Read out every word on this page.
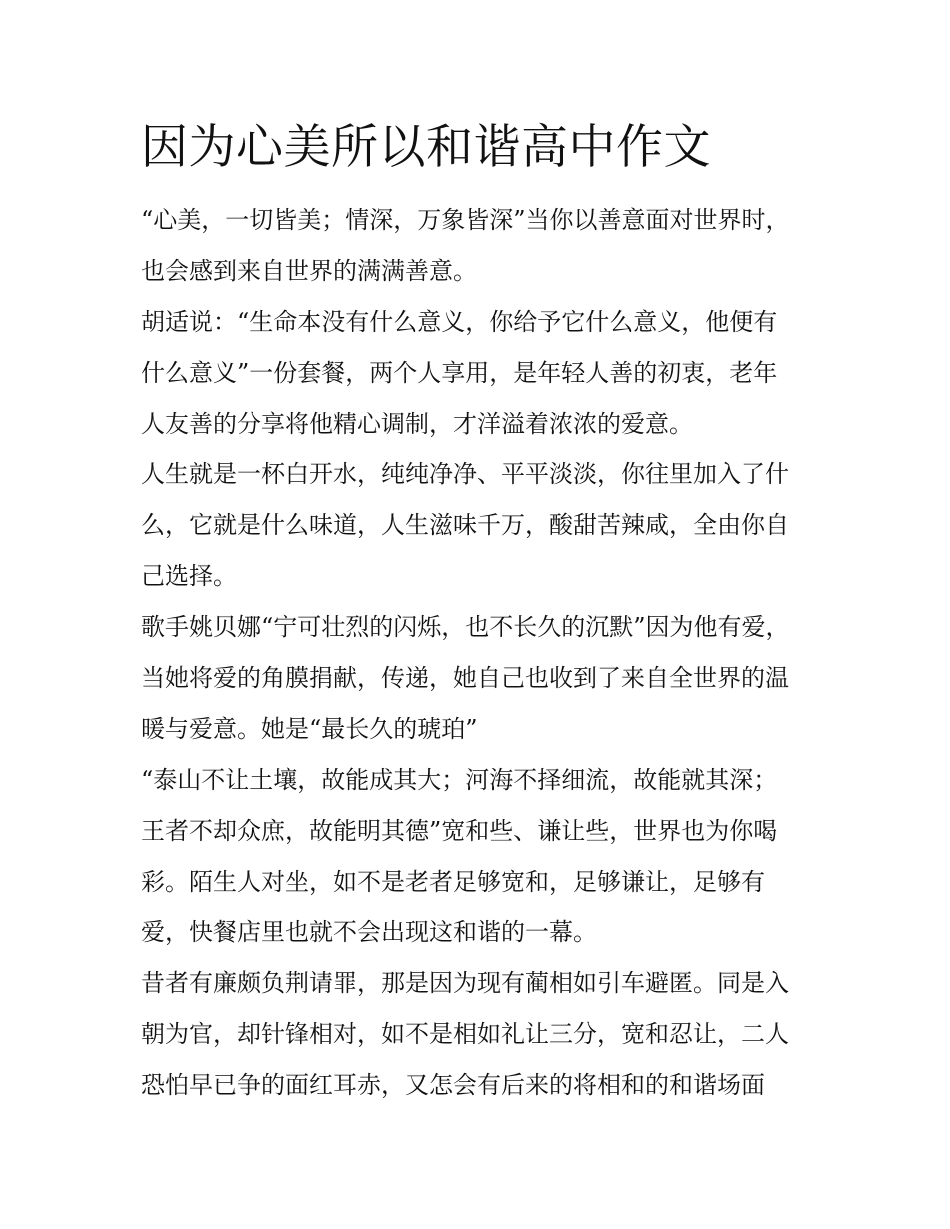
因为心美所以和谐高中作文
“心美，一切皆美；情深，万象皆深”当你以善意面对世界时，
也会感到来自世界的满满善意。
胡适说：“生命本没有什么意义，你给予它什么意义，他便有
什么意义”一份套餐，两个人享用，是年轻人善的初衷，老年
人友善的分享将他精心调制，才洋溢着浓浓的爱意。
人生就是一杯白开水，纯纯净净、平平淡淡，你往里加入了什
么，它就是什么味道，人生滋味千万，酸甜苦辣咸，全由你自
己选择。
歌手姚贝娜“宁可壮烈的闪烁，也不长久的沉默”因为他有爱，
当她将爱的角膜捐献，传递，她自己也收到了来自全世界的温
暖与爱意。她是“最长久的琥珀”
“泰山不让土壤，故能成其大；河海不择细流，故能就其深；
王者不却众庶，故能明其德”宽和些、谦让些，世界也为你喝
彩。陌生人对坐，如不是老者足够宽和，足够谦让，足够有
爱，快餐店里也就不会出现这和谐的一幕。
昔者有廉颇负荆请罪，那是因为现有蔺相如引车避匿。同是入
朝为官，却针锋相对，如不是相如礼让三分，宽和忍让，二人
恐怕早已争的面红耳赤，又怎会有后来的将相和的和谐场面
